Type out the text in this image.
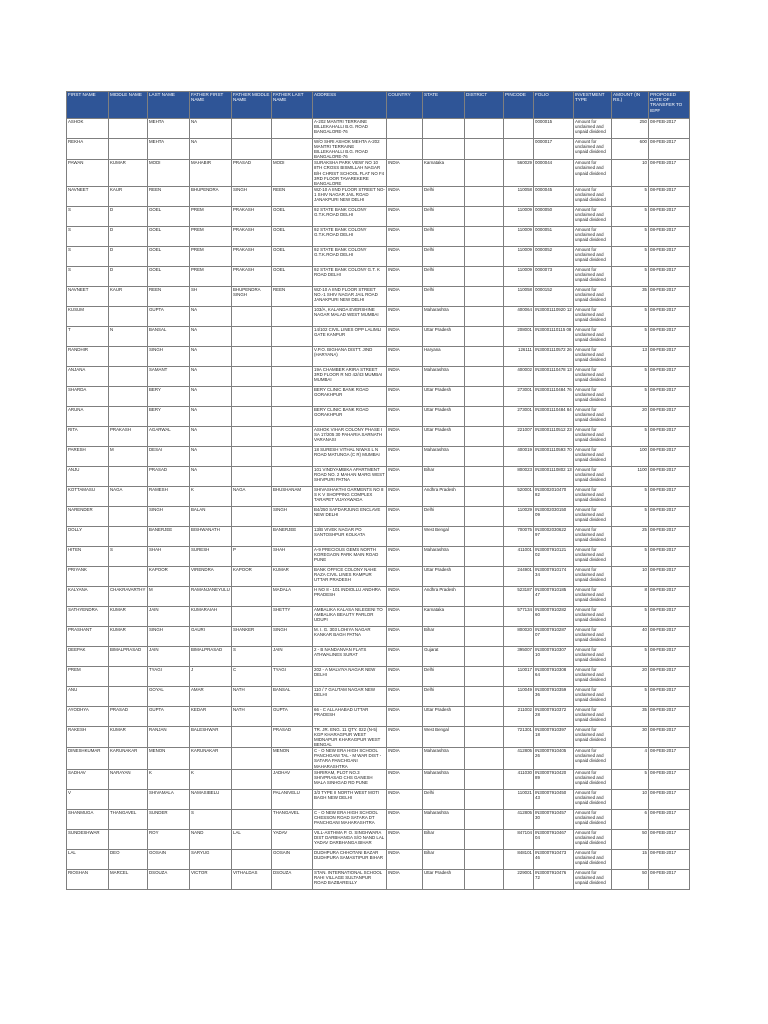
FIRST NAME	MIDDLE NAME	LAST NAME	FATHER FIRST NAME	FATHER MIDDLE NAME	FATHER LAST NAME	ADDRESS	COUNTRY	STATE	DISTRICT	PINCODE	FOLIO	INVESTMENT TYPE	AMOUNT (IN RS.)	PROPOSED DATE OF TRANSFER TO IEPF
ASHOK		MEHTA	NA			A-202 MANTRI TERRAINE BILLEKAHALLI B.G. ROAD BANGALORE-76					0000015	Amount for unclaimed and unpaid dividend	250	08-FEB-2017
REKHA		MEHTA	NA			W/O SHRI ASHOK MEHTA A-202 MANTRI TERRAINE BILLEKAHALLI B.G. ROAD BANGALORE-76					0000017	Amount for unclaimed and unpaid dividend	600	08-FEB-2017
PAWAN	KUMAR	MODI	MAHABIR	PRASAD	MODI	SURAKSHA PARK VIEW' NO 10 8TH CROSS BISMILLAH NAGAR B/H CHRIST SCHOOL FLAT NO F4 3RD FLOOR TAVAREKERE BANGALORE	INDIA	Karnataka		560029	0000044	Amount for unclaimed and unpaid dividend	10	08-FEB-2017
NAVNEET	KAUR	REEN	BHUPENDRA	SINGH	REEN	WZ-10 A IIND FLOOR STREET NO-1 SHIV NAGAR JAIL ROAD JANAKPURI NEW DELHI	INDIA	Delhi		110058	0000045	Amount for unclaimed and unpaid dividend	5	08-FEB-2017
S	D	GOEL	PREM	PRAKASH	GOEL	92 STATE BANK COLONY G.T.K.ROAD DELHI	INDIA	Delhi		110009	0000050	Amount for unclaimed and unpaid dividend	5	08-FEB-2017
S	D	GOEL	PREM	PRAKASH	GOEL	92 STATE BANK COLONY G.T.K.ROAD DELHI	INDIA	Delhi		110009	0000051	Amount for unclaimed and unpaid dividend	5	08-FEB-2017
S	D	GOEL	PREM	PRAKASH	GOEL	92 STATE BANK COLONY G.T.K.ROAD DELHI	INDIA	Delhi		110009	0000052	Amount for unclaimed and unpaid dividend	5	08-FEB-2017
S	D	GOEL	PREM	PRAKASH	GOEL	92 STATE BANK COLONY G.T. K ROAD DELHI	INDIA	Delhi		110009	0000073	Amount for unclaimed and unpaid dividend	5	08-FEB-2017
NAVNEET	KAUR	REEN	SH	BHUPENDRA SINGH	REEN	WZ-10 A IIND FLOOR STREET NO.-1 SHIV NAGAR JAIL ROAD JANAKPURI NEW DELHI	INDIA	Delhi		110058	0000152	Amount for unclaimed and unpaid dividend	35	08-FEB-2017
KUSUM		GUPTA	NA			103/A, KALANDA EVERSHINE NAGAR MALAD WEST MUMBAI	INDIA	Maharashtra		400064	IN30001110920 12	Amount for unclaimed and unpaid dividend	5	08-FEB-2017
T	N	BANSAL	NA			14/102 CIVIL LINES OPP LALIMLI GATE KANPUR	INDIA	Uttar Pradesh		208001	IN30001110115 08	Amount for unclaimed and unpaid dividend	5	08-FEB-2017
RANDHIR		SINGH	NA			V.P.O. BIGHANA DISTT. JIND (HARYANA)	INDIA	Haryana		126111	IN30001110572 26	Amount for unclaimed and unpaid dividend	13	08-FEB-2017
ANJANA		SAMANT	NA			19A CHAMBER ARIRA STREET 3RD FLOOR R NO 42/43 MUMBAI MUMBAI	INDIA	Maharashtra		400002	IN30001110478 13	Amount for unclaimed and unpaid dividend	5	08-FEB-2017
SHARDA		BERY	NA			BERY CLINIC BANK ROAD GORAKHPUR	INDIA	Uttar Pradesh		273001	IN30001110484 76	Amount for unclaimed and unpaid dividend	5	08-FEB-2017
ARUNA		BERY	NA			BERY CLINIC BANK ROAD GORAKHPUR	INDIA	Uttar Pradesh		273001	IN30001110484 84	Amount for unclaimed and unpaid dividend	20	08-FEB-2017
RITA	PRAKASH	AGARWAL	NA			ASHOK VIHAR COLONY PHASE I SA 17/205 30 PAHARIA SARNATH VARANASI	INDIA	Uttar Pradesh		221007	IN30001110512 23	Amount for unclaimed and unpaid dividend	5	08-FEB-2017
PARESH	M	DESAI	NA			18 SURESH VITHAL NIWAS L N ROAD MATUNGA (C R) MUMBAI	INDIA	Maharashtra		400019	IN30001110593 70	Amount for unclaimed and unpaid dividend	100	08-FEB-2017
ANJU		PRASAD	NA			101 VINDYAMBIKA APARTMENT ROAD NO. 2 MAHAN MARG WEST SHIVPURI PATNA	INDIA	Bihar		800023	IN30001110802 13	Amount for unclaimed and unpaid dividend	1100	08-FEB-2017
KOTTAMASU	NAGA	RAMESH	K	NAGA	BHUSHANAM	SHIVASHAKTHI GARMENTS NO 8 S K V SHOPPING COMPLEX TARAPET VIJAYAWADA	INDIA	Andhra Pradesh		520001	IN30002010470 82	Amount for unclaimed and unpaid dividend	5	08-FEB-2017
NARENDER		SINGH	BALAN		SINGH	B4/250 SAFDARJUNG ENCLAVE NEW DELHI	INDIA	Delhi		110029	IN30002030150 09	Amount for unclaimed and unpaid dividend	5	08-FEB-2017
DOLLY		BANERJEE	BISHWANATH		BANERJEE	13/B VIVEK NAGAR PO SANTOSHPUR KOLKATA	INDIA	West Bengal		700075	IN30002030622 97	Amount for unclaimed and unpaid dividend	25	08-FEB-2017
HITEN	S	SHAH	SURESH	P	SHAH	A-9 PRECIOUS GEMS NORTH KOREGAON PARK MAIN ROAD PUNE	INDIA	Maharashtra		411001	IN30007910121 02	Amount for unclaimed and unpaid dividend	5	08-FEB-2017
PRIYANK		KAPOOR	VIRENDRA	KAPOOR	KUMAR	BANK OFFICE COLONY NAHE RAZA CIVIL LINES RAMPUR UTTAR PRADESH	INDIA	Uttar Pradesh		244901	IN30007910174 34	Amount for unclaimed and unpaid dividend	10	08-FEB-2017
KALYANA	CHAKRAVARTHY	M	RAMANJANEYULU		MADALA	H NO 8 - 101 INDIOLLU ANDHRA PRADESH	INDIA	Andhra Pradesh		523187	IN30007910185 47	Amount for unclaimed and unpaid dividend	8	08-FEB-2017
SATHYENDRA	KUMAR	JAIN	KUMARAIAH		SHETTY	AMBALIKA KALASA NILEGENI TO AMBALIKA BEAUTY PARLOR UDUPI	INDIA	Karnataka		577134	IN30007910282 60	Amount for unclaimed and unpaid dividend	5	08-FEB-2017
PRASHANT	KUMAR	SINGH	GAURI	SHANKER	SINGH	M. I. G. 303 LOHIYA NAGAR KANKAR BAGH PATNA	INDIA	Bihar		800020	IN30007910287 07	Amount for unclaimed and unpaid dividend	40	08-FEB-2017
DEEPAK	BIMALPRASAD	JAIN	BIMALPRASAD	S	JAIN	2 - B NANDANVAN FLATS ATHWALINES SURAT	INDIA	Gujarat		395007	IN30007910307 10	Amount for unclaimed and unpaid dividend	5	08-FEB-2017
PREM		TYAGI	J	C	TYAGI	202 - A MALVIYA NAGAR NEW DELHI	INDIA	Delhi		110017	IN30007910308 64	Amount for unclaimed and unpaid dividend	20	08-FEB-2017
ANU		GOYAL	AMAR	NATH	BANSAL	110 / 7 GAUTAM NAGAR NEW DELHI	INDIA	Delhi		110049	IN30007910359 36	Amount for unclaimed and unpaid dividend	5	08-FEB-2017
AYODHYA	PRASAD	GUPTA	KEDAR	NATH	GUPTA	66 - C ALLAHABAD UTTAR PRADESH	INDIA	Uttar Pradesh		211002	IN30007910372 28	Amount for unclaimed and unpaid dividend	35	08-FEB-2017
RAKESH	KUMAR	RANJAN	BALESHWAR		PRASAD	TR. JR. ENG. 11 QTY. 022 (N-5) KGP KHARAGPUR WEST MIDNAPUR KHARAGPUR WEST BENGAL	INDIA	West Bengal		721301	IN30007910397 18	Amount for unclaimed and unpaid dividend	30	08-FEB-2017
DINESHKUMAR	KARUNAKAR	MENON	KARUNAKAR		MENON	C - O NEW ERA HIGH SCHOOL PANCHGANI TAL - M WAR DIST - SATARA PANCHGANI MAHARASHTRA	INDIA	Maharashtra		412805	IN30007910405 26	Amount for unclaimed and unpaid dividend	4	08-FEB-2017
SADHAV	NARAYAN	K	K		JADHAV	SHRIRAM, PLOT NO.3 SHIVPRASAD CHS GANESH MALA SINHGAD RD PUNE	INDIA	Maharashtra		411030	IN30007910420 89	Amount for unclaimed and unpaid dividend	5	08-FEB-2017
V		SHIVAMALA	NAMASIBELU		PALANIVELU	3/3 TYPE II NORTH WEST MOTI BAGH NEW DELHI	INDIA	Delhi		110021	IN30007910450 43	Amount for unclaimed and unpaid dividend	10	08-FEB-2017
SHANMUGA	THANGAVEL	SUNDER	S		THANGAVEL	C - O NEW ERA HIGH SCHOOL CHESSON ROAD SATARA DT PANCHGANI MAHARASHTRA	INDIA	Maharashtra		412805	IN30007910457 30	Amount for unclaimed and unpaid dividend	6	08-FEB-2017
SUNDESHWAR		ROY	NAND	LAL	YADAV	VILL-ASTHMA P. O. SINGHWARA DIST DARBHANGA S/O NAND LAL YADAV DARBHANGA BIHAR	INDIA	Bihar		847104	IN30007910467 04	Amount for unclaimed and unpaid dividend	50	08-FEB-2017
LAL	DEO	GOSAIN	SARYUG		GOSAIN	DUDHPURA CHHOTANI BAZAR DUDHPURA SAMASTIPUR BIHAR	INDIA	Bihar		848101	IN30007910473 46	Amount for unclaimed and unpaid dividend	15	08-FEB-2017
RIOSHAN	MARCEL	DSOUZA	VICTOR	VITHALDAS	DSOUZA	STAN. INTERNATIONAL SCHOOL RAHI VILLAGE SULTANPUR ROAD BAZBAREILLY	INDIA	Uttar Pradesh		229001	IN30007910476 72	Amount for unclaimed and unpaid dividend	50	08-FEB-2017
